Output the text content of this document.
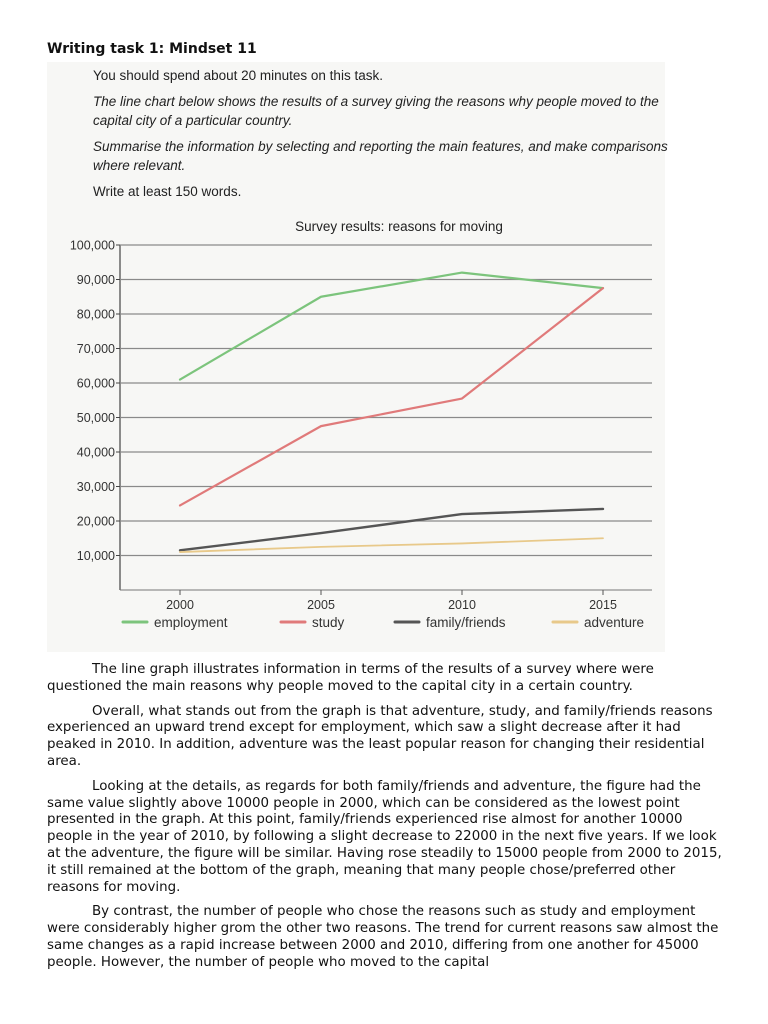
Writing task 1: Mindset 11
You should spend about 20 minutes on this task.
The line chart below shows the results of a survey giving the reasons why people moved to the capital city of a particular country.
Summarise the information by selecting and reporting the main features, and make comparisons where relevant.
Write at least 150 words.
Survey results: reasons for moving
100,000
90,000
80,000
70,000
60,000
50,000
40,000
30,000
20,000
10,000
2000	2005	2010	2015
employment	study	family/friends	adventure

The line graph illustrates information in terms of the results of a survey where were questioned the main reasons why people moved to the capital city in a certain country.

Overall, what stands out from the graph is that adventure, study, and family/friends reasons experienced an upward trend except for employment, which saw a slight decrease after it had peaked in 2010. In addition, adventure was the least popular reason for changing their residential area.

Looking at the details, as regards for both family/friends and adventure, the figure had the same value slightly above 10000 people in 2000, which can be considered as the lowest point presented in the graph. At this point, family/friends experienced rise almost for another 10000 people in the year of 2010, by following a slight decrease to 22000 in the next five years. If we look at the adventure, the figure will be similar. Having rose steadily to 15000 people from 2000 to 2015, it still remained at the bottom of the graph, meaning that many people chose/preferred other reasons for moving.

By contrast, the number of people who chose the reasons such as study and employment were considerably higher grom the other two reasons. The trend for current reasons saw almost the same changes as a rapid increase between 2000 and 2010, differing from one another for 45000 people. However, the number of people who moved to the capital
